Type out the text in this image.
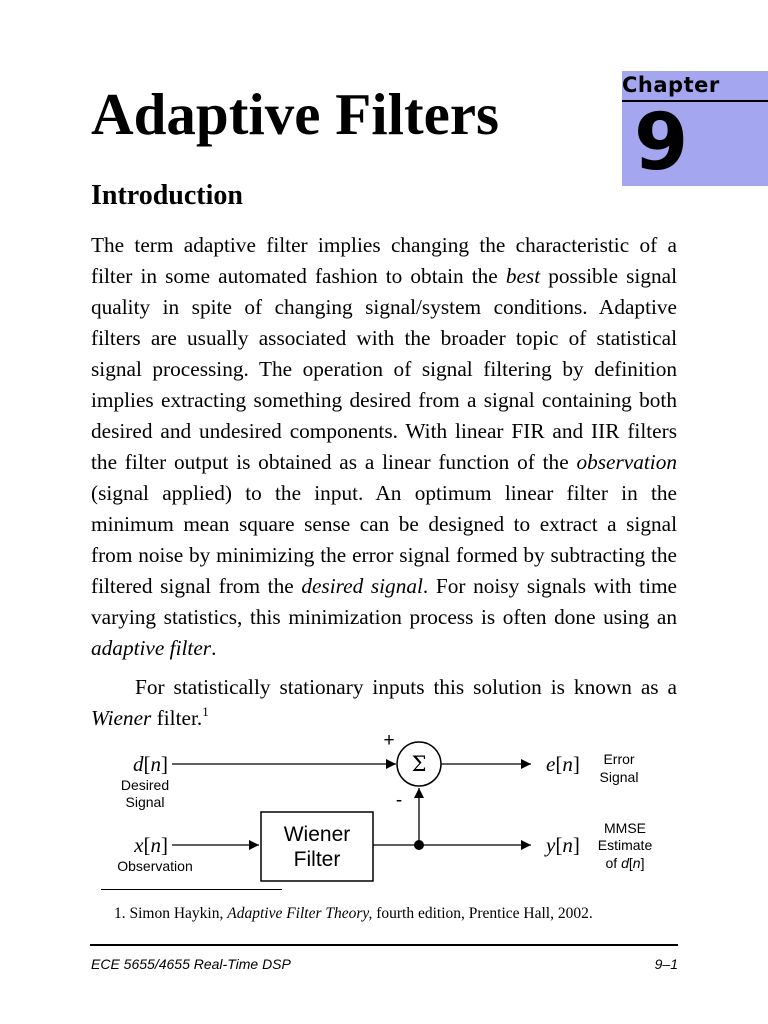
Chapter
9
Adaptive Filters
Introduction

The term adaptive filter implies changing the characteristic of a filter in some automated fashion to obtain the best possible signal quality in spite of changing signal/system conditions. Adaptive filters are usually associated with the broader topic of statistical signal processing. The operation of signal filtering by definition implies extracting something desired from a signal containing both desired and undesired components. With linear FIR and IIR filters the filter output is obtained as a linear function of the observation (signal applied) to the input. An optimum linear filter in the minimum mean square sense can be designed to extract a signal from noise by minimizing the error signal formed by subtracting the filtered signal from the desired signal. For noisy signals with time varying statistics, this minimization process is often done using an adaptive filter.

For statistically stationary inputs this solution is known as a Wiener filter.$^1$

d[n]
Desired
Signal
x[n]
Observation
Σ
+
-
e[n] Error
Signal
Wiener
Filter
y[n]
MMSE
Estimate
of d[n]

1. Simon Haykin, Adaptive Filter Theory, fourth edition, Prentice Hall, 2002.

ECE 5655/4655 Real-Time DSP	9–1
